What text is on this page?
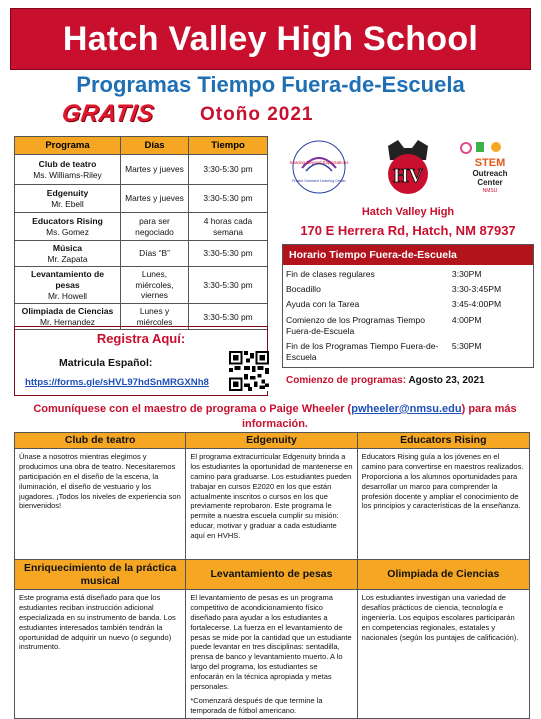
Hatch Valley High School
Programas Tiempo Fuera-de-Escuela
GRATIS Otoño 2021
Programa	Días	Tiempo

Club de teatro
Ms. Williams-Riley	Martes y jueves	3:30-5:30 pm

Edgenuity
Mr. Ebell	Martes y jueves	3:30-5:30 pm

Educators Rising
Ms. Gomez	para ser negociado	4 horas cada semana

Música
Mr. Zapata	Días “B”	3:30-5:30 pm

Levantamiento de pesas
Mr. Howell	Lunes, miércoles, viernes	3:30-5:30 pm

Olimpiada de Ciencias
Mr. Hernandez	Lunes y miércoles	3:30-5:30 pm
Registra Aquí:
Matricula Español:
https://forms.gle/sHVL97hdSnMRGXNh8
Soaring Beyond Expectations
Project Outreach Learning Center HV
STEM
Outreach
Center
NMSU
Hatch Valley High
170 E Herrera Rd, Hatch, NM 87937
Horario Tiempo Fuera-de-Escuela
Fin de clases regulares	3:30PM
Bocadillo	3:30-3:45PM
Ayuda con la Tarea	3:45-4:00PM
Comienzo de los Programas Tiempo Fuera-de-Escuela
4:00PM
Fin de los Programas Tiempo Fuera-de-Escuela
5:30PM
Comienzo de programas: Agosto 23, 2021
Comuníquese con el maestro de programa o Paige Wheeler (pwheeler@nmsu.edu) para más información.
Club de teatro

Únase a nosotros mientras elegimos y producimos una obra de teatro. Necesitaremos participación en el diseño de la escena, la iluminación, el diseño de vestuario y los jugadores. ¡Todos los niveles de experiencia son bienvenidos!

Edgenuity

El programa extracurricular Edgenuity brinda a los estudiantes la oportunidad de mantenerse en camino para graduarse. Los estudiantes pueden trabajar en cursos E2020 en los que están actualmente inscritos o cursos en los que previamente reprobaron. Este programa le permite a nuestra escuela cumplir su misión: educar, motivar y graduar a cada estudiante aquí en HVHS.

Educators Rising

Educators Rising guía a los jóvenes en el camino para convertirse en maestros realizados. Proporciona a los alumnos oportunidades para desarrollar un marco para comprender la profesión docente y ampliar el conocimiento de los principios y características de la enseñanza.

Enriquecimiento de la práctica musical

Este programa está diseñado para que los estudiantes reciban instrucción adicional especializada en su instrumento de banda. Los estudiantes interesados también tendrán la oportunidad de adquirir un nuevo (o segundo) instrumento.

Levantamiento de pesas

El levantamiento de pesas es un programa competitivo de acondicionamiento físico diseñado para ayudar a los estudiantes a fortalecerse. La fuerza en el levantamiento de pesas se mide por la cantidad que un estudiante puede levantar en tres disciplinas: sentadilla, prensa de banco y levantamiento muerto. A lo largo del programa, los estudiantes se enfocarán en la técnica apropiada y metas personales.

*Comenzará después de que termine la temporada de fútbol americano.

Olimpiada de Ciencias

Los estudiantes investigan una variedad de desafíos prácticos de ciencia, tecnología e ingeniería. Los equipos escolares participarán en competencias regionales, estatales y nacionales (según los puntajes de calificación).
